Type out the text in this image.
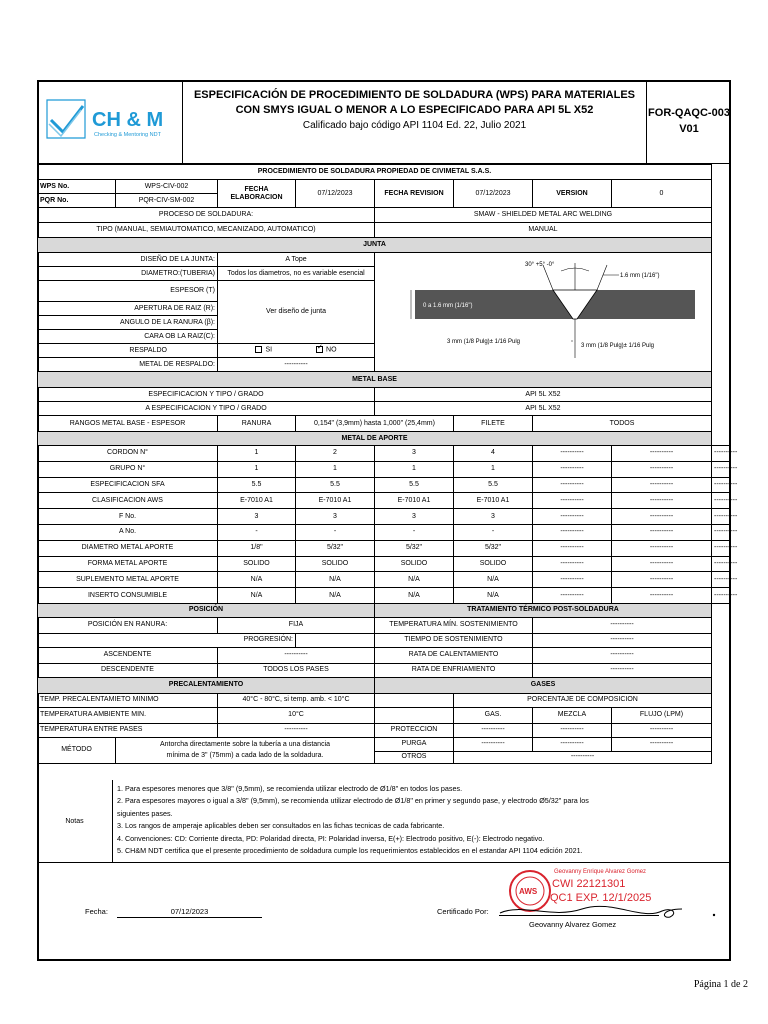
CH & M
Checking & Mentoring NDT
ESPECIFICACIÓN DE PROCEDIMIENTO DE SOLDADURA (WPS) PARA MATERIALES
CON SMYS IGUAL O MENOR A LO ESPECIFICADO PARA API 5L X52
Calificado bajo código API 1104 Ed. 22, Julio 2021
FOR-QAQC-003
V01
PROCEDIMIENTO DE SOLDADURA PROPIEDAD DE CIVIMETAL S.A.S.								
WPS No.	WPS-CIV-002	FECHA ELABORACION	07/12/2023	FECHA REVISION	07/12/2023	VERSION	0	
PQR No.	PQR-CIV-SM-002							
PROCESO DE SOLDADURA:				SMAW - SHIELDED METAL ARC WELDING				
TIPO (MANUAL, SEMIAUTOMATICO, MECANIZADO, AUTOMATICO)				MANUAL				
JUNTA								
DISEÑO DE LA JUNTA:		A Tope		30° +5° -0°
1.6 mm (1/16")
0 a 1.6 mm (1/16")
3 mm (1/8 Pulg)± 1/16 Pulg
3 mm (1/8 Pulg)± 1/16 Pulg				

DIAMETRO:(TUBERIA)		Todos los diametros, no es variable esencial						
ESPESOR (T)		Ver diseño de junta						
APERTURA DE RAIZ (R):								
ANGULO DE LA RANURA (β):								
CARA OB LA RAIZ(C):								
RESPALDO		SI ✓ NO						
METAL DE RESPALDO:		----------						
METAL BASE								
ESPECIFICACION Y TIPO / GRADO				API 5L X52				
A ESPECIFICACION Y TIPO / GRADO				API 5L X52				
RANGOS METAL BASE - ESPESOR		RANURA	0,154" (3,9mm) hasta 1,000" (25,4mm)		FILETE	TODOS		
METAL DE APORTE								
CORDON N°		1	2	3	4	----------	----------	----------
GRUPO N°		1	1	1	1	----------	----------	----------
ESPECIFICACION SFA		5.5	5.5	5.5	5.5	----------	----------	----------
CLASIFICACION AWS		E-7010 A1	E-7010 A1	E-7010 A1	E-7010 A1	----------	----------	----------
F No.		3	3	3	3	----------	----------	----------
A No.		-	-	-	-	----------	----------	----------
DIAMETRO METAL APORTE		1/8"	5/32"	5/32"	5/32"	----------	----------	----------
FORMA METAL APORTE		SOLIDO	SOLIDO	SOLIDO	SOLIDO	----------	----------	----------
SUPLEMENTO METAL APORTE		N/A	N/A	N/A	N/A	----------	----------	----------
INSERTO CONSUMIBLE		N/A	N/A	N/A	N/A	----------	----------	----------
POSICIÓN				TRATAMIENTO TÉRMICO POST-SOLDADURA				
POSICIÓN EN RANURA:		FIJA		TEMPERATURA MÍN. SOSTENIMIENTO		----------		
PROGRESIÓN:				TIEMPO DE SOSTENIMIENTO		----------		
ASCENDENTE		----------		RATA DE CALENTAMIENTO		----------		
DESCENDENTE		TODOS LOS PASES		RATA DE ENFRIAMIENTO		----------		
PRECALENTAMIENTO				GASES				
TEMP. PRECALENTAMIETO MINIMO		40°C - 80°C, si temp. amb. < 10°C			PORCENTAJE DE COMPOSICION			
TEMPERATURA AMBIENTE MIN.		10°C			GAS.	MEZCLA	FLUJO (LPM)	
TEMPERATURA ENTRE PASES		----------		PROTECCION	----------	----------	----------	
MÉTODO	Antorcha directamente sobre la tubería a una distancia
mínima de 3" (75mm) a cada lado de la soldadura.			PURGA	----------	----------	----------	
				OTROS	----------			
Notas
1. Para espesores menores que 3/8" (9,5mm), se recomienda utilizar electrodo de Ø1/8" en todos los pases.
2. Para espesores mayores o igual a 3/8" (9,5mm), se recomienda utilizar electrodo de Ø1/8" en primer y segundo pase, y electrodo Ø5/32" para los
siguientes pases.
3. Los rangos de amperaje aplicables deben ser consultados en las fichas tecnicas de cada fabricante.
4. Convenciones: CD: Corriente directa, PD: Polaridad directa, PI: Polaridad inversa, E(+): Electrodo positivo, E(-): Electrodo negativo.
5. CH&M NDT certifica que el presente procedimiento de soldadura cumple los requerimientos establecidos en el estandar API 1104 edición 2021.
Fecha:	07/12/2023	Certificado Por:
AWS
Geovanny Enrique Alvarez Gomez
CWI 22121301
QC1 EXP. 12/1/2025
Geovanny Alvarez Gomez
Página 1 de 2
